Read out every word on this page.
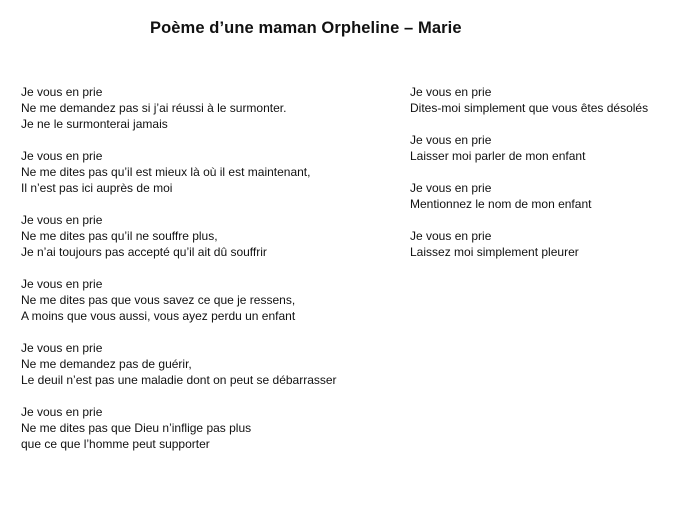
Poème d’une maman Orpheline – Marie
Je vous en prie
Ne me demandez pas si j’ai réussi à le surmonter.
Je ne le surmonterai jamais
Je vous en prie
Ne me dites pas qu’il est mieux là où il est maintenant,
Il n’est pas ici auprès de moi
Je vous en prie
Ne me dites pas qu’il ne souffre plus,
Je n’ai toujours pas accepté qu’il ait dû souffrir
Je vous en prie
Ne me dites pas que vous savez ce que je ressens,
A moins que vous aussi, vous ayez perdu un enfant
Je vous en prie
Ne me demandez pas de guérir,
Le deuil n’est pas une maladie dont on peut se débarrasser
Je vous en prie
Ne me dites pas que Dieu n’inflige pas plus
que ce que l’homme peut supporter
Je vous en prie
Dites-moi simplement que vous êtes désolés
Je vous en prie
Laisser moi parler de mon enfant
Je vous en prie
Mentionnez le nom de mon enfant
Je vous en prie
Laissez moi simplement pleurer
